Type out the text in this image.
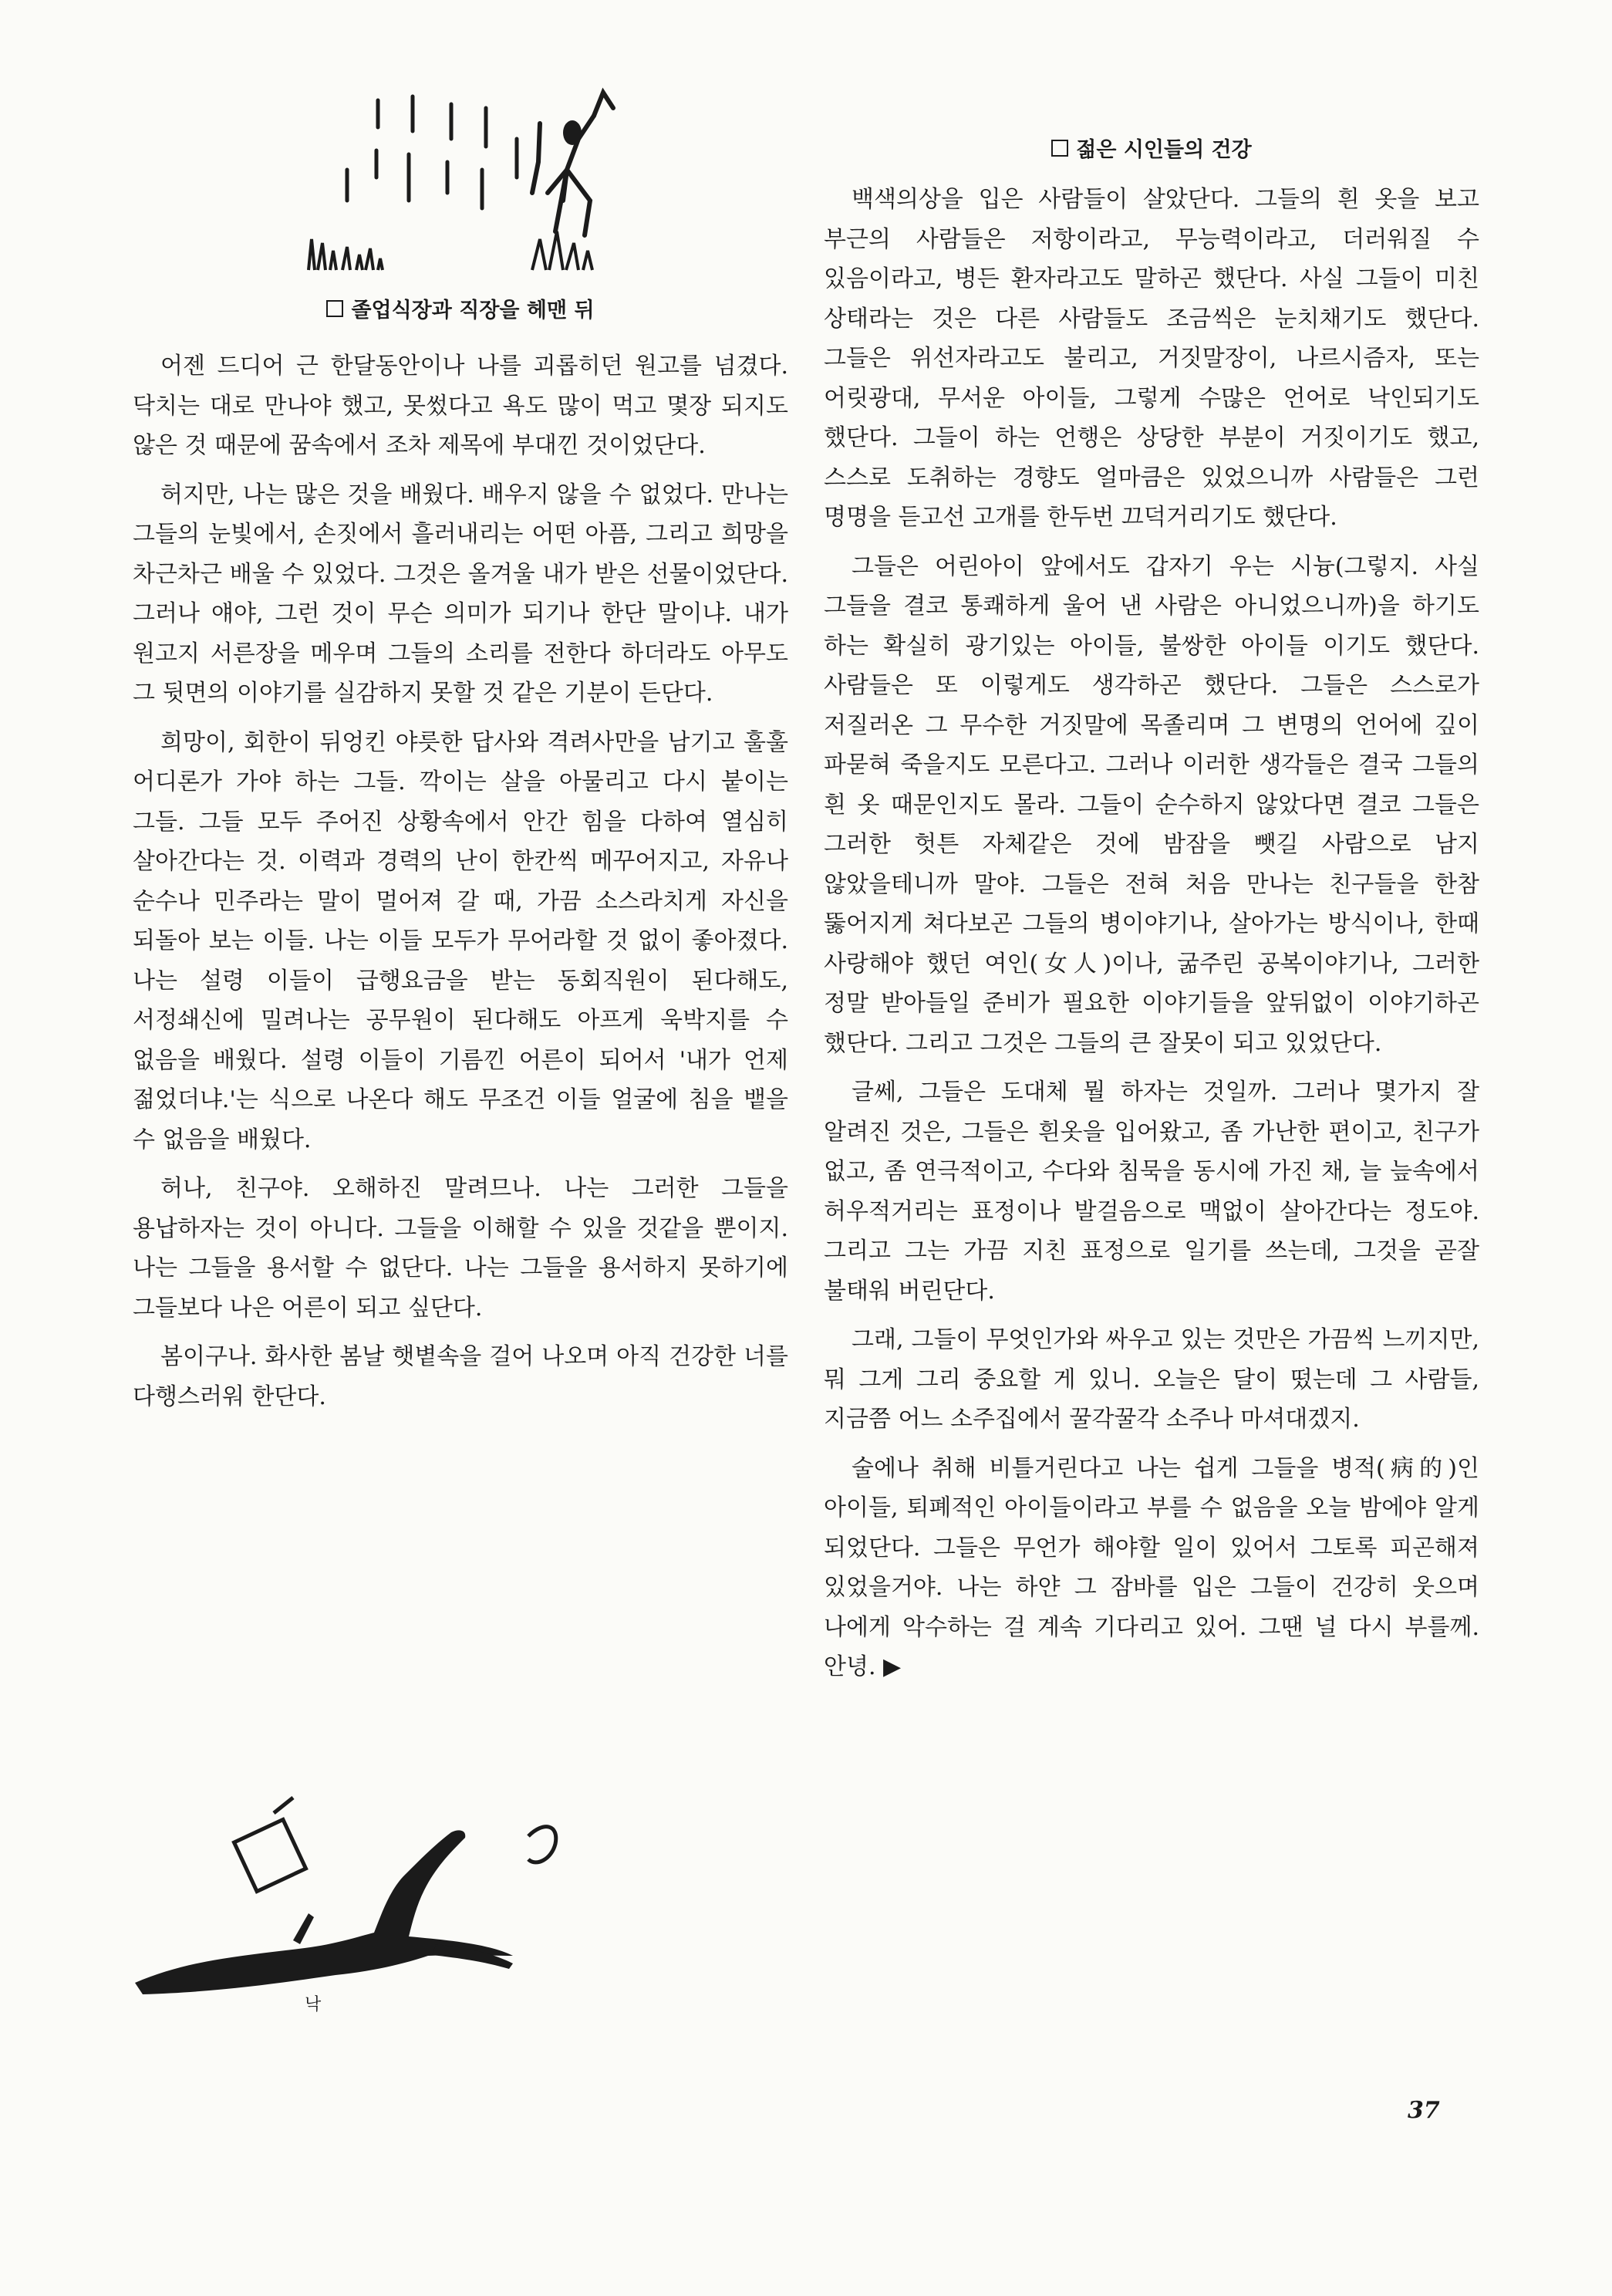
졸업식장과 직장을 헤맨 뒤

어젠 드디어 근 한달동안이나 나를 괴롭히던 원고를 넘겼다. 닥치는 대로 만나야 했고, 못썼다고 욕도 많이 먹고 몇장 되지도 않은 것 때문에 꿈속에서 조차 제목에 부대낀 것이었단다.

허지만, 나는 많은 것을 배웠다. 배우지 않을 수 없었다. 만나는 그들의 눈빛에서, 손짓에서 흘러내리는 어떤 아픔, 그리고 희망을 차근차근 배울 수 있었다. 그것은 올겨울 내가 받은 선물이었단다. 그러나 얘야, 그런 것이 무슨 의미가 되기나 한단 말이냐. 내가 원고지 서른장을 메우며 그들의 소리를 전한다 하더라도 아무도 그 뒷면의 이야기를 실감하지 못할 것 같은 기분이 든단다.

희망이, 회한이 뒤엉킨 야릇한 답사와 격려사만을 남기고 훌훌 어디론가 가야 하는 그들. 깍이는 살을 아물리고 다시 붙이는 그들. 그들 모두 주어진 상황속에서 안간 힘을 다하여 열심히 살아간다는 것. 이력과 경력의 난이 한칸씩 메꾸어지고, 자유나 순수나 민주라는 말이 멀어져 갈 때, 가끔 소스라치게 자신을 되돌아 보는 이들. 나는 이들 모두가 무어라할 것 없이 좋아졌다. 나는 설령 이들이 급행요금을 받는 동회직원이 된다해도, 서정쇄신에 밀려나는 공무원이 된다해도 아프게 욱박지를 수 없음을 배웠다. 설령 이들이 기름낀 어른이 되어서 '내가 언제 젊었더냐.'는 식으로 나온다 해도 무조건 이들 얼굴에 침을 뱉을 수 없음을 배웠다.

허나, 친구야. 오해하진 말려므나. 나는 그러한 그들을 용납하자는 것이 아니다. 그들을 이해할 수 있을 것같을 뿐이지. 나는 그들을 용서할 수 없단다. 나는 그들을 용서하지 못하기에 그들보다 나은 어른이 되고 싶단다.

봄이구나. 화사한 봄날 햇볕속을 걸어 나오며 아직 건강한 너를 다행스러워 한단다.

젊은 시인들의 건강

백색의상을 입은 사람들이 살았단다. 그들의 흰 옷을 보고 부근의 사람들은 저항이라고, 무능력이라고, 더러워질 수 있음이라고, 병든 환자라고도 말하곤 했단다. 사실 그들이 미친 상태라는 것은 다른 사람들도 조금씩은 눈치채기도 했단다. 그들은 위선자라고도 불리고, 거짓말장이, 나르시즘자, 또는 어릿광대, 무서운 아이들, 그렇게 수많은 언어로 낙인되기도 했단다. 그들이 하는 언행은 상당한 부분이 거짓이기도 했고, 스스로 도취하는 경향도 얼마큼은 있었으니까 사람들은 그런 명명을 듣고선 고개를 한두번 끄덕거리기도 했단다.

그들은 어린아이 앞에서도 갑자기 우는 시늉(그렇지. 사실 그들을 결코 통쾌하게 울어 낸 사람은 아니었으니까)을 하기도 하는 확실히 광기있는 아이들, 불쌍한 아이들 이기도 했단다. 사람들은 또 이렇게도 생각하곤 했단다. 그들은 스스로가 저질러온 그 무수한 거짓말에 목졸리며 그 변명의 언어에 깊이 파묻혀 죽을지도 모른다고. 그러나 이러한 생각들은 결국 그들의 흰 옷 때문인지도 몰라. 그들이 순수하지 않았다면 결코 그들은 그러한 헛튼 자체같은 것에 밤잠을 뺏길 사람으로 남지 않았을테니까 말야. 그들은 전혀 처음 만나는 친구들을 한참 뚫어지게 쳐다보곤 그들의 병이야기나, 살아가는 방식이나, 한때 사랑해야 했던 여인(女人)이나, 굶주린 공복이야기나, 그러한 정말 받아들일 준비가 필요한 이야기들을 앞뒤없이 이야기하곤 했단다. 그리고 그것은 그들의 큰 잘못이 되고 있었단다.

글쎄, 그들은 도대체 뭘 하자는 것일까. 그러나 몇가지 잘 알려진 것은, 그들은 흰옷을 입어왔고, 좀 가난한 편이고, 친구가 없고, 좀 연극적이고, 수다와 침묵을 동시에 가진 채, 늘 늪속에서 허우적거리는 표정이나 발걸음으로 맥없이 살아간다는 정도야. 그리고 그는 가끔 지친 표정으로 일기를 쓰는데, 그것을 곧잘 불태워 버린단다.

그래, 그들이 무엇인가와 싸우고 있는 것만은 가끔씩 느끼지만, 뭐 그게 그리 중요할 게 있니. 오늘은 달이 떴는데 그 사람들, 지금쯤 어느 소주집에서 꿀각꿀각 소주나 마셔대겠지.

술에나 취해 비틀거린다고 나는 쉽게 그들을 병적(病的)인 아이들, 퇴폐적인 아이들이라고 부를 수 없음을 오늘 밤에야 알게 되었단다. 그들은 무언가 해야할 일이 있어서 그토록 피곤해져 있었을거야. 나는 하얀 그 잠바를 입은 그들이 건강히 웃으며 나에게 악수하는 걸 계속 기다리고 있어. 그땐 널 다시 부를께. 안녕. ▶

낙
37
